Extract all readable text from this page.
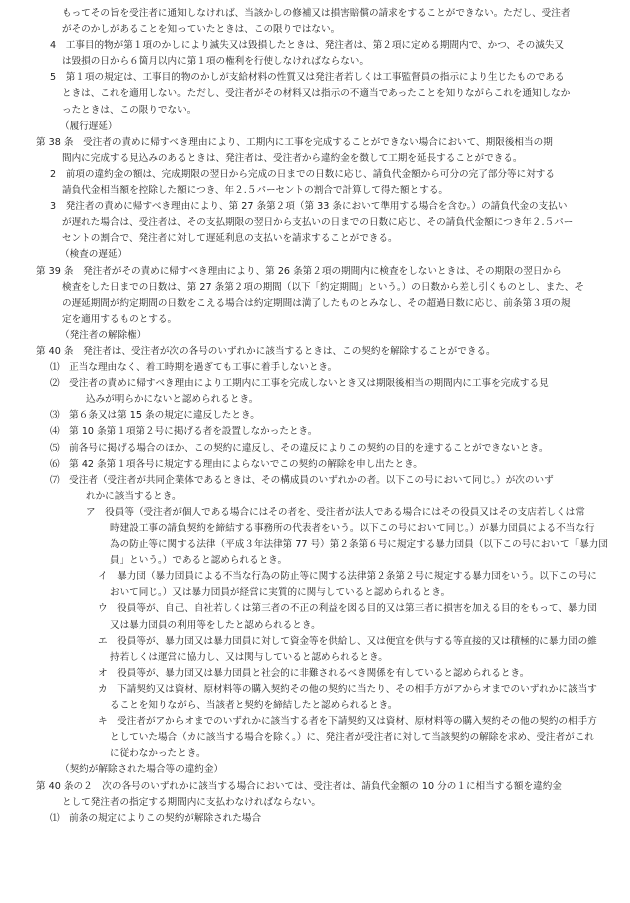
もってその旨を受注者に通知しなければ、当該かしの修補又は損害賠償の請求をすることができない。ただし、受注者
がそのかしがあることを知っていたときは、この限りではない。
4　工事目的物が第１項のかしにより滅失又は毀損したときは、発注者は、第２項に定める期間内で、かつ、その滅失又
は毀損の日から６箇月以内に第１項の権利を行使しなければならない。
5　第１項の規定は、工事目的物のかしが支給材料の性質又は発注者若しくは工事監督員の指示により生じたものである
ときは、これを適用しない。ただし、受注者がその材料又は指示の不適当であったことを知りながらこれを通知しなか
ったときは、この限りでない。
（履行遅延）
第 38 条　受注者の責めに帰すべき理由により、工期内に工事を完成することができない場合において、期限後相当の期
間内に完成する見込みのあるときは、発注者は、受注者から違約金を徴して工期を延長することができる。
2　前項の違約金の額は、完成期限の翌日から完成の日までの日数に応じ、請負代金額から可分の完了部分等に対する
請負代金相当額を控除した額につき、年２.５パーセントの割合で計算して得た額とする。
3　発注者の責めに帰すべき理由により、第 27 条第２項（第 33 条において準用する場合を含む。）の請負代金の支払い
が遅れた場合は、受注者は、その支払期限の翌日から支払いの日までの日数に応じ、その請負代金額につき年２.５パー
セントの割合で、発注者に対して遅延利息の支払いを請求することができる。
（検査の遅延）
第 39 条　発注者がその責めに帰すべき理由により、第 26 条第２項の期間内に検査をしないときは、その期限の翌日から
検査をした日までの日数は、第 27 条第２項の期間（以下「約定期間」という。）の日数から差し引くものとし、また、そ
の遅延期間が約定期間の日数をこえる場合は約定期間は満了したものとみなし、その超過日数に応じ、前条第３項の規
定を適用するものとする。
（発注者の解除権）
第 40 条　発注者は、受注者が次の各号のいずれかに該当するときは、この契約を解除することができる。
⑴　正当な理由なく、着工時期を過ぎても工事に着手しないとき。
⑵　受注者の責めに帰すべき理由により工期内に工事を完成しないとき又は期限後相当の期間内に工事を完成する見
込みが明らかにないと認められるとき。
⑶　第６条又は第 15 条の規定に違反したとき。
⑷　第 10 条第１項第２号に掲げる者を設置しなかったとき。
⑸　前各号に掲げる場合のほか、この契約に違反し、その違反によりこの契約の目的を達することができないとき。
⑹　第 42 条第１項各号に規定する理由によらないでこの契約の解除を申し出たとき。
⑺　受注者（受注者が共同企業体であるときは、その構成員のいずれかの者。以下この号において同じ。）が次のいず
れかに該当するとき。
ア　役員等（受注者が個人である場合にはその者を、受注者が法人である場合にはその役員又はその支店若しくは常
時建設工事の請負契約を締結する事務所の代表者をいう。以下この号において同じ。）が暴力団員による不当な行
為の防止等に関する法律（平成３年法律第 77 号）第２条第６号に規定する暴力団員（以下この号において「暴力団
員」という。）であると認められるとき。
イ　暴力団（暴力団員による不当な行為の防止等に関する法律第２条第２号に規定する暴力団をいう。以下この号に
おいて同じ。）又は暴力団員が経営に実質的に関与していると認められるとき。
ウ　役員等が、自己、自社若しくは第三者の不正の利益を図る目的又は第三者に損害を加える目的をもって、暴力団
又は暴力団員の利用等をしたと認められるとき。
エ　役員等が、暴力団又は暴力団員に対して資金等を供給し、又は便宜を供与する等直接的又は積極的に暴力団の維
持若しくは運営に協力し、又は関与していると認められるとき。
オ　役員等が、暴力団又は暴力団員と社会的に非難されるべき関係を有していると認められるとき。
カ　下請契約又は資材、原材料等の購入契約その他の契約に当たり、その相手方がアからオまでのいずれかに該当す
ることを知りながら、当該者と契約を締結したと認められるとき。
キ　受注者がアからオまでのいずれかに該当する者を下請契約又は資材、原材料等の購入契約その他の契約の相手方
としていた場合（カに該当する場合を除く。）に、発注者が受注者に対して当該契約の解除を求め、受注者がこれ
に従わなかったとき。
（契約が解除された場合等の違約金）
第 40 条の２　次の各号のいずれかに該当する場合においては、受注者は、請負代金額の 10 分の１に相当する額を違約金
として発注者の指定する期間内に支払わなければならない。
⑴　前条の規定によりこの契約が解除された場合
